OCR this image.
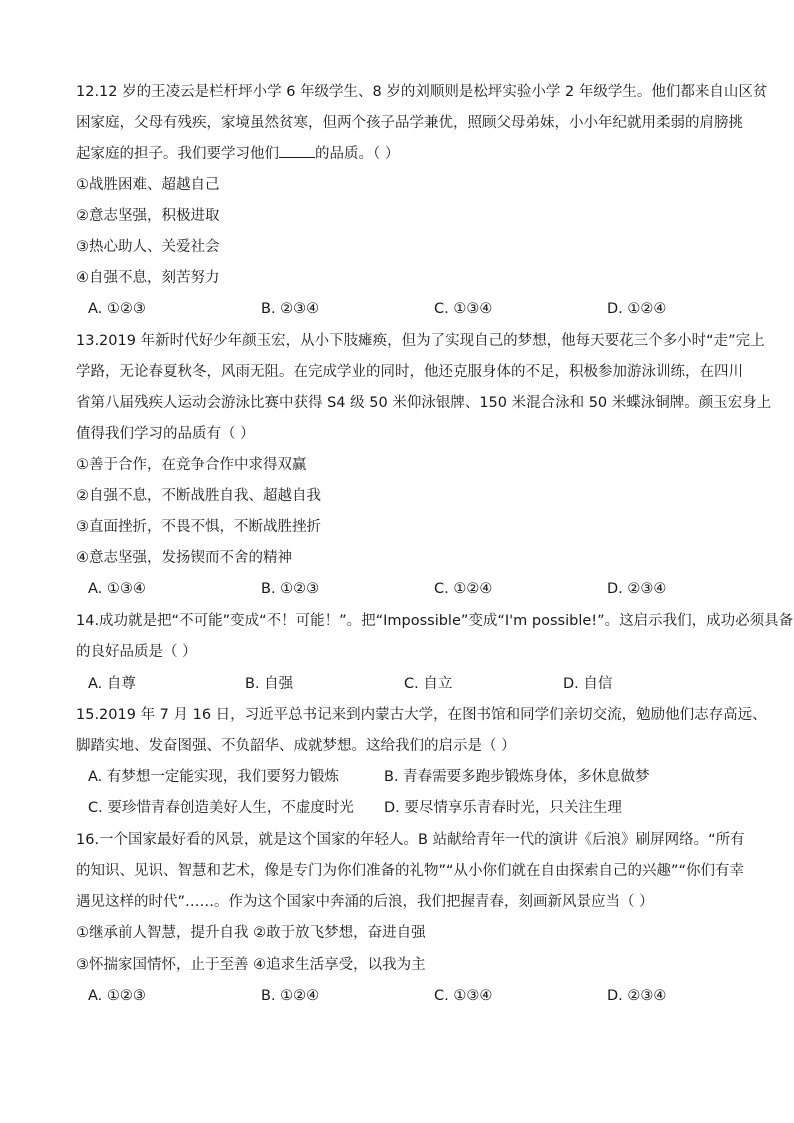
12.12 岁的王凌云是栏杆坪小学 6 年级学生、8 岁的刘顺则是松坪实验小学 2 年级学生。他们都来自山区贫
困家庭，父母有残疾，家境虽然贫寒，但两个孩子品学兼优，照顾父母弟妹，小小年纪就用柔弱的肩膀挑
起家庭的担子。我们要学习他们 的品质。（ ）
①战胜困难、超越自己
②意志坚强，积极进取
③热心助人、关爱社会
④自强不息，刻苦努力
A. ①②③	B. ②③④	C. ①③④	D. ①②④
13.2019 年新时代好少年颜玉宏，从小下肢瘫痪，但为了实现自己的梦想，他每天要花三个多小时“走”完上
学路，无论春夏秋冬，风雨无阻。在完成学业的同时，他还克服身体的不足，积极参加游泳训练，在四川
省第八届残疾人运动会游泳比赛中获得 S4 级 50 米仰泳银牌、150 米混合泳和 50 米蝶泳铜牌。颜玉宏身上
值得我们学习的品质有（ ）
①善于合作，在竞争合作中求得双赢
②自强不息，不断战胜自我、超越自我
③直面挫折，不畏不惧，不断战胜挫折
④意志坚强，发扬锲而不舍的精神
A. ①③④	B. ①②③	C. ①②④	D. ②③④
14.成功就是把“不可能”变成“不！可能！”。把“Impossible”变成“I'm possible!”。这启示我们，成功必须具备
的良好品质是（ ）
A. 自尊	B. 自强	C. 自立	D. 自信
15.2019 年 7 月 16 日，习近平总书记来到内蒙古大学，在图书馆和同学们亲切交流，勉励他们志存高远、
脚踏实地、发奋图强、不负韶华、成就梦想。这给我们的启示是（ ）
A. 有梦想一定能实现，我们要努力锻炼	B. 青春需要多跑步锻炼身体，多休息做梦
C. 要珍惜青春创造美好人生，不虚度时光 D. 要尽情享乐青春时光，只关注生理
16.一个国家最好看的风景，就是这个国家的年轻人。B 站献给青年一代的演讲《后浪》刷屏网络。“所有
的知识、见识、智慧和艺术，像是专门为你们准备的礼物”“从小你们就在自由探索自己的兴趣”“你们有幸
遇见这样的时代”……。作为这个国家中奔涌的后浪，我们把握青春，刻画新风景应当（ ）
①继承前人智慧，提升自我 ②敢于放飞梦想，奋进自强
③怀揣家国情怀，止于至善 ④追求生活享受，以我为主
A. ①②③	B. ①②④	C. ①③④	D. ②③④
